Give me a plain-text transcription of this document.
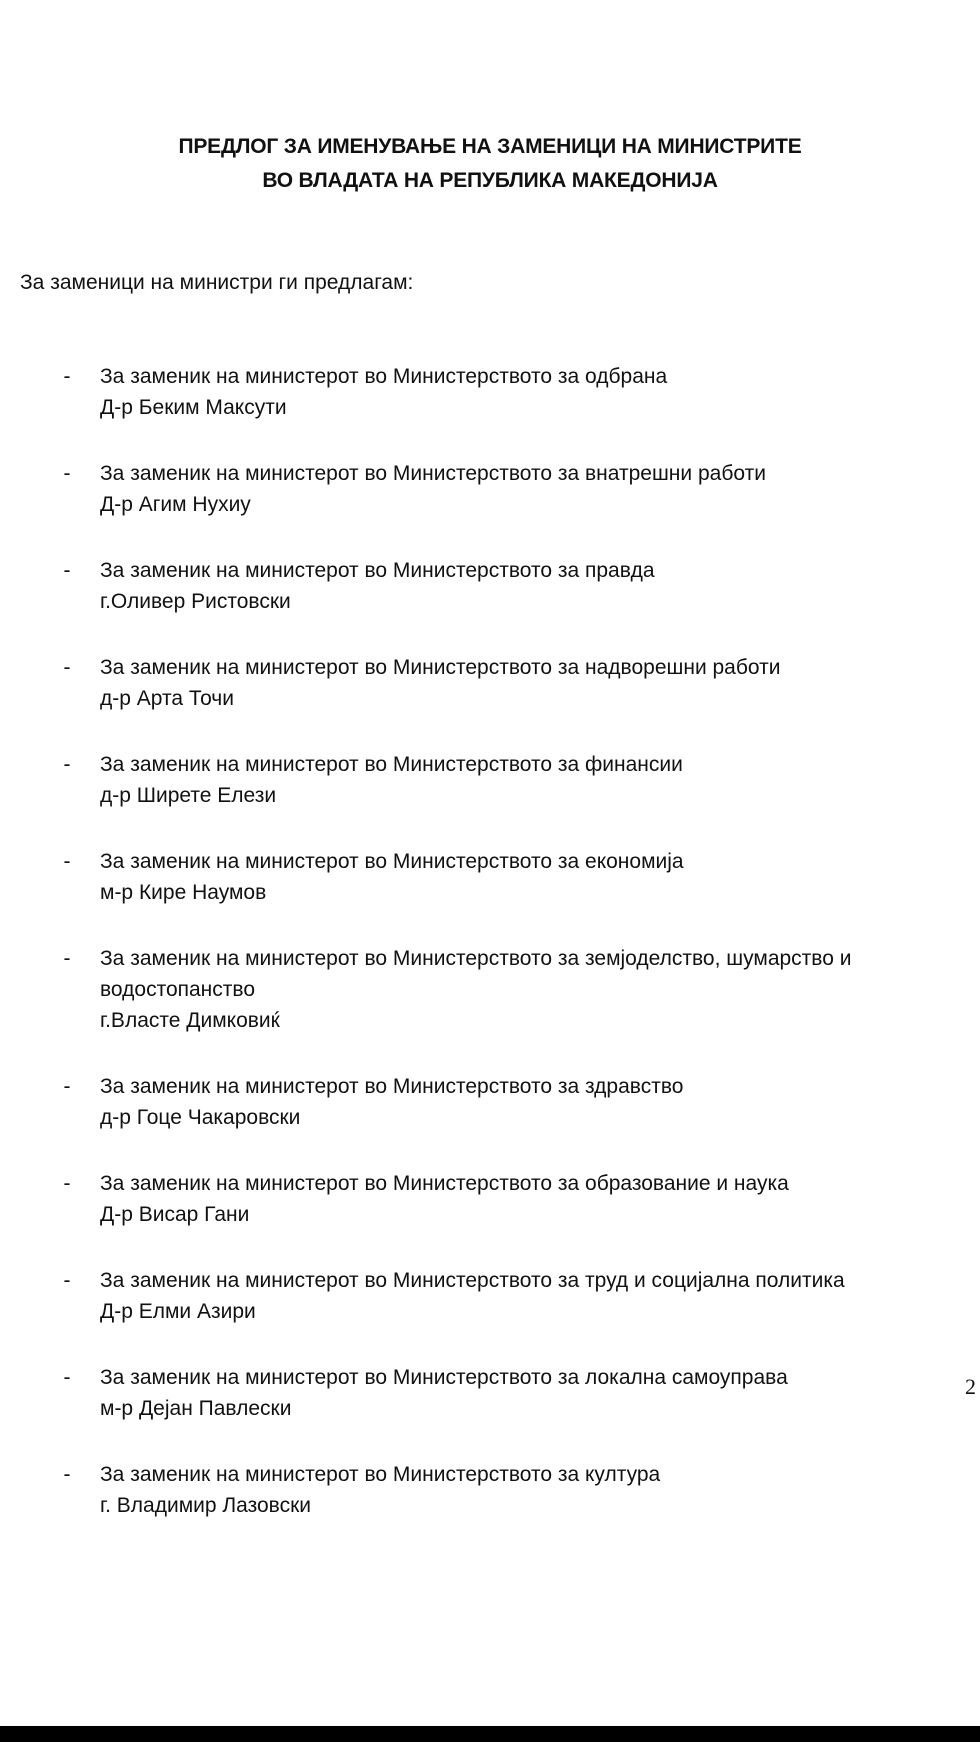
ПРЕДЛОГ ЗА ИМЕНУВАЊЕ НА ЗАМЕНИЦИ НА МИНИСТРИТЕ
ВО ВЛАДАТА НА РЕПУБЛИКА МАКЕДОНИЈА
За заменици на министри ги предлагам:
- За заменик на министерот во Министерството за одбрана
Д-р Беким Максути
- За заменик на министерот во Министерството за внатрешни работи
Д-р Агим Нухиу
- За заменик на министерот во Министерството за правда
г.Оливер Ристовски
- За заменик на министерот во Министерството за надворешни работи
д-р Арта Точи
- За заменик на министерот во Министерството за финансии
д-р Ширете Елези
- За заменик на министерот во Министерството за економија
м-р Кире Наумов
- За заменик на министерот во Министерството за земјоделство, шумарство и
водостопанство
г.Власте Димковиќ
- За заменик на министерот во Министерството за здравство
д-р Гоце Чакаровски
- За заменик на министерот во Министерството за образование и наука
Д-р Висар Гани
- За заменик на министерот во Министерството за труд и социјална политика
Д-р Елми Азири
- За заменик на министерот во Министерството за локална самоуправа
м-р Дејан Павлески
- За заменик на министерот во Министерството за култура
г. Владимир Лазовски
2
